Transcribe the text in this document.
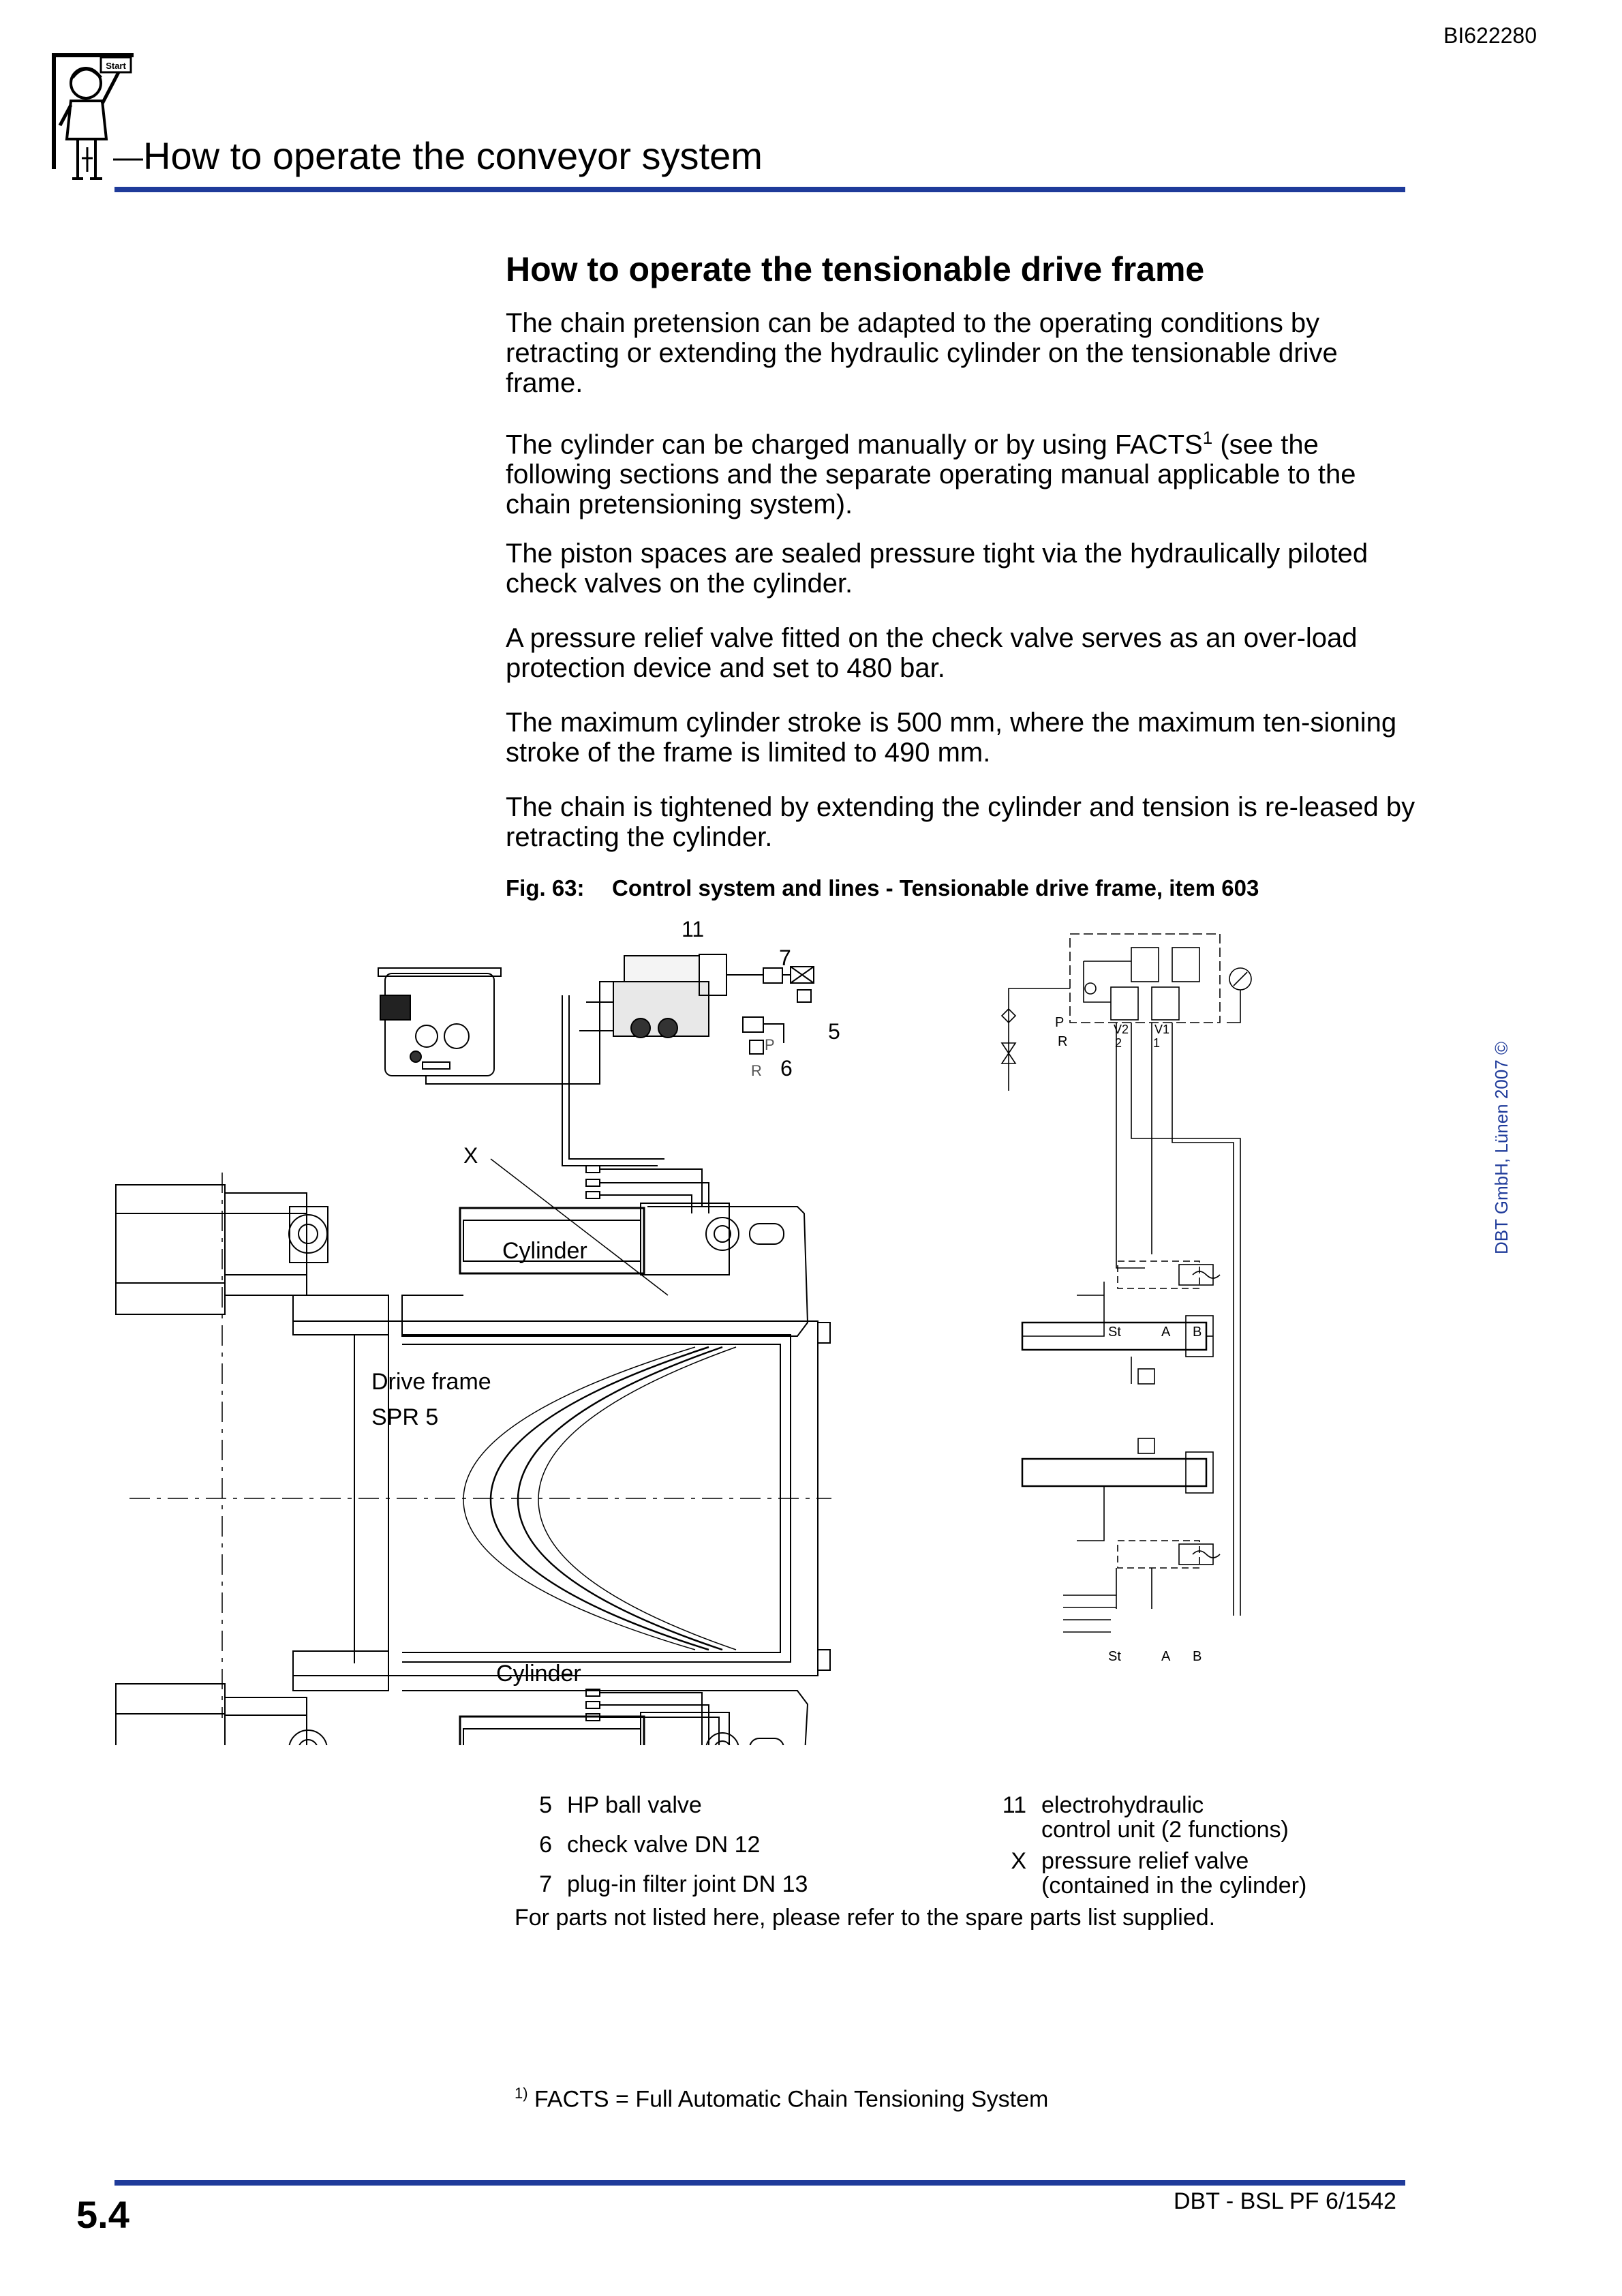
BI622280
Start
How to operate the conveyor system
How to operate the tensionable drive frame

The chain pretension can be adapted to the operating conditions by retracting or extending the hydraulic cylinder on the tensionable drive frame.

The cylinder can be charged manually or by using FACTS$^1$ (see the following sections and the separate operating manual applicable to the chain pretensioning system).

The piston spaces are sealed pressure tight via the hydraulically piloted check valves on the cylinder.

A pressure relief valve fitted on the check valve serves as an over-load protection device and set to 480 bar.

The maximum cylinder stroke is 500 mm, where the maximum ten-sioning stroke of the frame is limited to 490 mm.

The chain is tightened by extending the cylinder and tension is re-leased by retracting the cylinder.

Fig. 63: Control system and lines - Tensionable drive frame, item 603
DBT GmbH, Lünen 2007 ©
11
7
5
6
P
R
X
Cylinder
Drive frame
SPR 5
Cylinder
P
R
V2 V1
2	1
St	A B
St	A B
5 HP ball valve
6 check valve DN 12
7 plug-in filter joint DN 13
11 electrohydraulic
control unit (2 functions)
X pressure relief valve
(contained in the cylinder)
For parts not listed here, please refer to the spare parts list supplied.
$^{1)}$ FACTS = Full Automatic Chain Tensioning System
5.4	DBT - BSL PF 6/1542
